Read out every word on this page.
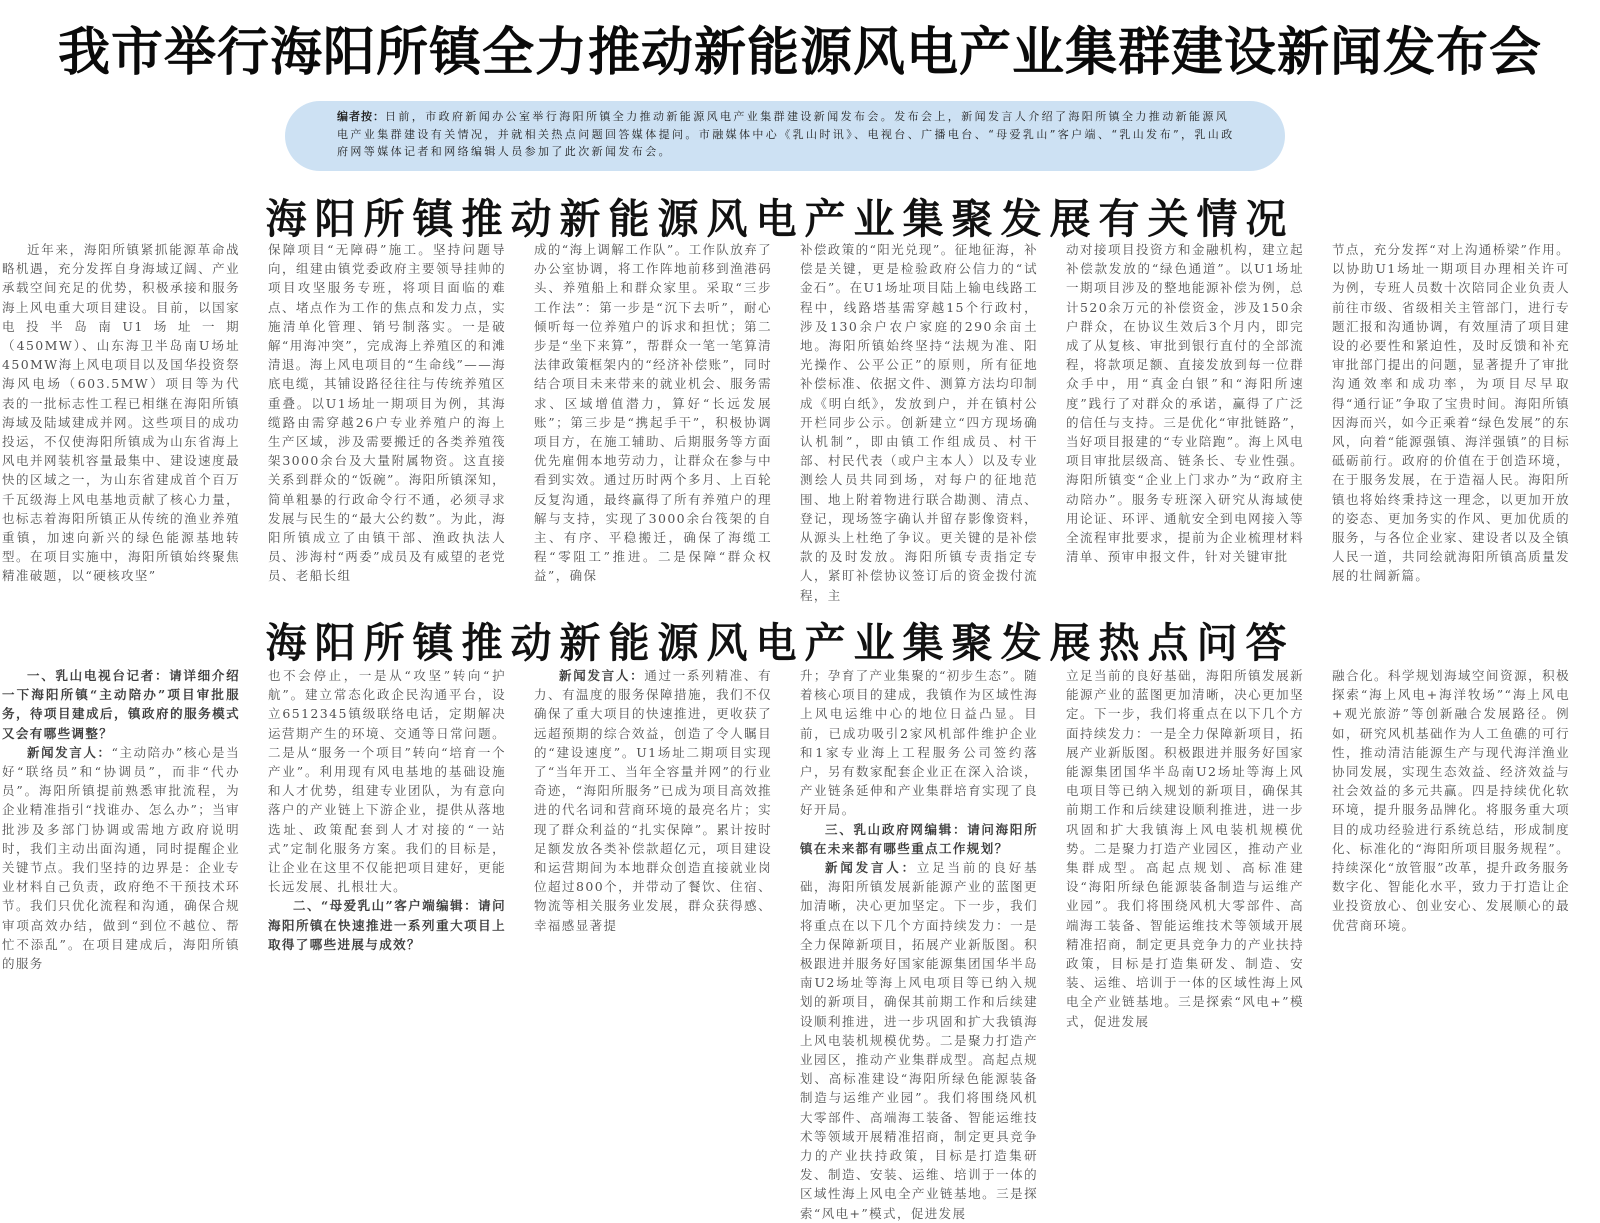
我市举行海阳所镇全力推动新能源风电产业集群建设新闻发布会
编者按：日前，市政府新闻办公室举行海阳所镇全力推动新能源风电产业集群建设新闻发布会。发布会上，新闻发言人介绍了海阳所镇全力推动新能源风电产业集群建设有关情况，并就相关热点问题回答媒体提问。市融媒体中心《乳山时讯》、电视台、广播电台、“母爱乳山”客户端、“乳山发布”，乳山政府网等媒体记者和网络编辑人员参加了此次新闻发布会。
海阳所镇推动新能源风电产业集聚发展有关情况

近年来，海阳所镇紧抓能源革命战略机遇，充分发挥自身海域辽阔、产业承载空间充足的优势，积极承接和服务海上风电重大项目建设。目前，以国家电投半岛南U1场址一期（450MW）、山东海卫半岛南U场址450MW海上风电项目以及国华投资祭海风电场（603.5MW）项目等为代表的一批标志性工程已相继在海阳所镇海域及陆域建成并网。这些项目的成功投运，不仅使海阳所镇成为山东省海上风电并网装机容量最集中、建设速度最快的区域之一，为山东省建成首个百万千瓦级海上风电基地贡献了核心力量，也标志着海阳所镇正从传统的渔业养殖重镇，加速向新兴的绿色能源基地转型。在项目实施中，海阳所镇始终聚焦精准破题，以“硬核攻坚”

保障项目“无障碍”施工。坚持问题导向，组建由镇党委政府主要领导挂帅的项目攻坚服务专班，将项目面临的难点、堵点作为工作的焦点和发力点，实施清单化管理、销号制落实。一是破解“用海冲突”，完成海上养殖区的和滩清退。海上风电项目的“生命线”——海底电缆，其铺设路径往往与传统养殖区重叠。以U1场址一期项目为例，其海缆路由需穿越26户专业养殖户的海上生产区域，涉及需要搬迁的各类养殖筏架3000余台及大量附属物资。这直接关系到群众的“饭碗”。海阳所镇深知，简单粗暴的行政命令行不通，必须寻求发展与民生的“最大公约数”。为此，海阳所镇成立了由镇干部、渔政执法人员、涉海村“两委”成员及有威望的老党员、老船长组

成的“海上调解工作队”。工作队放弃了办公室协调，将工作阵地前移到渔港码头、养殖船上和群众家里。采取“三步工作法”：第一步是“沉下去听”，耐心倾听每一位养殖户的诉求和担忧；第二步是“坐下来算”，帮群众一笔一笔算清法律政策框架内的“经济补偿账”，同时结合项目未来带来的就业机会、服务需求、区域增值潜力，算好“长远发展账”；第三步是“携起手干”，积极协调项目方，在施工辅助、后期服务等方面优先雇佣本地劳动力，让群众在参与中看到实效。通过历时两个多月、上百轮反复沟通，最终赢得了所有养殖户的理解与支持，实现了3000余台筏架的自主、有序、平稳搬迁，确保了海缆工程“零阻工”推进。二是保障“群众权益”，确保

补偿政策的“阳光兑现”。征地征海，补偿是关键，更是检验政府公信力的“试金石”。在U1场址项目陆上输电线路工程中，线路塔基需穿越15个行政村，涉及130余户农户家庭的290余亩土地。海阳所镇始终坚持“法规为准、阳光操作、公平公正”的原则，所有征地补偿标准、依据文件、测算方法均印制成《明白纸》，发放到户，并在镇村公开栏同步公示。创新建立“四方现场确认机制”，即由镇工作组成员、村干部、村民代表（或户主本人）以及专业测绘人员共同到场，对每户的征地范围、地上附着物进行联合勘测、清点、登记，现场签字确认并留存影像资料，从源头上杜绝了争议。更关键的是补偿款的及时发放。海阳所镇专责指定专人，紧盯补偿协议签订后的资金拨付流程，主

动对接项目投资方和金融机构，建立起补偿款发放的“绿色通道”。以U1场址一期项目涉及的整地能源补偿为例，总计520余万元的补偿资金，涉及150余户群众，在协议生效后3个月内，即完成了从复核、审批到银行直付的全部流程，将款项足额、直接发放到每一位群众手中，用“真金白银”和“海阳所速度”践行了对群众的承诺，赢得了广泛的信任与支持。三是优化“审批链路”，当好项目报建的“专业陪跑”。海上风电项目审批层级高、链条长、专业性强。海阳所镇变“企业上门求办”为“政府主动陪办”。服务专班深入研究从海域使用论证、环评、通航安全到电网接入等全流程审批要求，提前为企业梳理材料清单、预审申报文件，针对关键审批

节点，充分发挥“对上沟通桥梁”作用。以协助U1场址一期项目办理相关许可为例，专班人员数十次陪同企业负责人前往市级、省级相关主管部门，进行专题汇报和沟通协调，有效厘清了项目建设的必要性和紧迫性，及时反馈和补充审批部门提出的问题，显著提升了审批沟通效率和成功率，为项目尽早取得“通行证”争取了宝贵时间。海阳所镇因海而兴，如今正乘着“绿色发展”的东风，向着“能源强镇、海洋强镇”的目标砥砺前行。政府的价值在于创造环境，在于服务发展，在于造福人民。海阳所镇也将始终秉持这一理念，以更加开放的姿态、更加务实的作风、更加优质的服务，与各位企业家、建设者以及全镇人民一道，共同绘就海阳所镇高质量发展的壮阔新篇。

海阳所镇推动新能源风电产业集聚发展热点问答

一、乳山电视台记者：请详细介绍一下海阳所镇“主动陪办”项目审批服务，待项目建成后，镇政府的服务模式又会有哪些调整？

新闻发言人：“主动陪办”核心是当好“联络员”和“协调员”，而非“代办员”。海阳所镇提前熟悉审批流程，为企业精准指引“找谁办、怎么办”；当审批涉及多部门协调或需地方政府说明时，我们主动出面沟通，同时提醒企业关键节点。我们坚持的边界是：企业专业材料自己负责，政府绝不干预技术环节。我们只优化流程和沟通，确保合规审项高效办结，做到“到位不越位、帮忙不添乱”。在项目建成后，海阳所镇的服务

也不会停止，一是从“攻坚”转向“护航”。建立常态化政企民沟通平台，设立6512345镇级联络电话，定期解决运营期产生的环境、交通等日常问题。二是从“服务一个项目”转向“培育一个产业”。利用现有风电基地的基础设施和人才优势，组建专业团队，为有意向落户的产业链上下游企业，提供从落地选址、政策配套到人才对接的“一站式”定制化服务方案。我们的目标是，让企业在这里不仅能把项目建好，更能长远发展、扎根壮大。

二、“母爱乳山”客户端编辑：请问海阳所镇在快速推进一系列重大项目上取得了哪些进展与成效？

新闻发言人：通过一系列精准、有力、有温度的服务保障措施，我们不仅确保了重大项目的快速推进，更收获了远超预期的综合效益，创造了令人瞩目的“建设速度”。U1场址二期项目实现了“当年开工、当年全容量并网”的行业奇迹，“海阳所服务”已成为项目高效推进的代名词和营商环境的最亮名片；实现了群众利益的“扎实保障”。累计按时足额发放各类补偿款超亿元，项目建设和运营期间为本地群众创造直接就业岗位超过800个，并带动了餐饮、住宿、物流等相关服务业发展，群众获得感、幸福感显著提

升；孕育了产业集聚的“初步生态”。随着核心项目的建成，我镇作为区域性海上风电运维中心的地位日益凸显。目前，已成功吸引2家风机部件维护企业和1家专业海上工程服务公司签约落户，另有数家配套企业正在深入洽谈，产业链条延伸和产业集群培育实现了良好开局。

三、乳山政府网编辑：请问海阳所镇在未来都有哪些重点工作规划？

新闻发言人：立足当前的良好基础，海阳所镇发展新能源产业的蓝图更加清晰，决心更加坚定。下一步，我们将重点在以下几个方面持续发力：一是全力保障新项目，拓展产业新版图。积极跟进并服务好国家能源集团国华半岛南U2场址等海上风电项目等已纳入规划的新项目，确保其前期工作和后续建设顺利推进，进一步巩固和扩大我镇海上风电装机规模优势。二是聚力打造产业园区，推动产业集群成型。高起点规划、高标准建设“海阳所绿色能源装备制造与运维产业园”。我们将围绕风机大零部件、高端海工装备、智能运维技术等领域开展精准招商，制定更具竞争力的产业扶持政策，目标是打造集研发、制造、安装、运维、培训于一体的区域性海上风电全产业链基地。三是探索“风电+”模式，促进发展

立足当前的良好基础，海阳所镇发展新能源产业的蓝图更加清晰，决心更加坚定。下一步，我们将重点在以下几个方面持续发力：一是全力保障新项目，拓展产业新版图。积极跟进并服务好国家能源集团国华半岛南U2场址等海上风电项目等已纳入规划的新项目，确保其前期工作和后续建设顺利推进，进一步巩固和扩大我镇海上风电装机规模优势。二是聚力打造产业园区，推动产业集群成型。高起点规划、高标准建设“海阳所绿色能源装备制造与运维产业园”。我们将围绕风机大零部件、高端海工装备、智能运维技术等领域开展精准招商，制定更具竞争力的产业扶持政策，目标是打造集研发、制造、安装、运维、培训于一体的区域性海上风电全产业链基地。三是探索“风电+”模式，促进发展

融合化。科学规划海域空间资源，积极探索“海上风电+海洋牧场”“海上风电+观光旅游”等创新融合发展路径。例如，研究风机基础作为人工鱼礁的可行性，推动清洁能源生产与现代海洋渔业协同发展，实现生态效益、经济效益与社会效益的多元共赢。四是持续优化软环境，提升服务品牌化。将服务重大项目的成功经验进行系统总结，形成制度化、标准化的“海阳所项目服务规程”。持续深化“放管服”改革，提升政务服务数字化、智能化水平，致力于打造让企业投资放心、创业安心、发展顺心的最优营商环境。
